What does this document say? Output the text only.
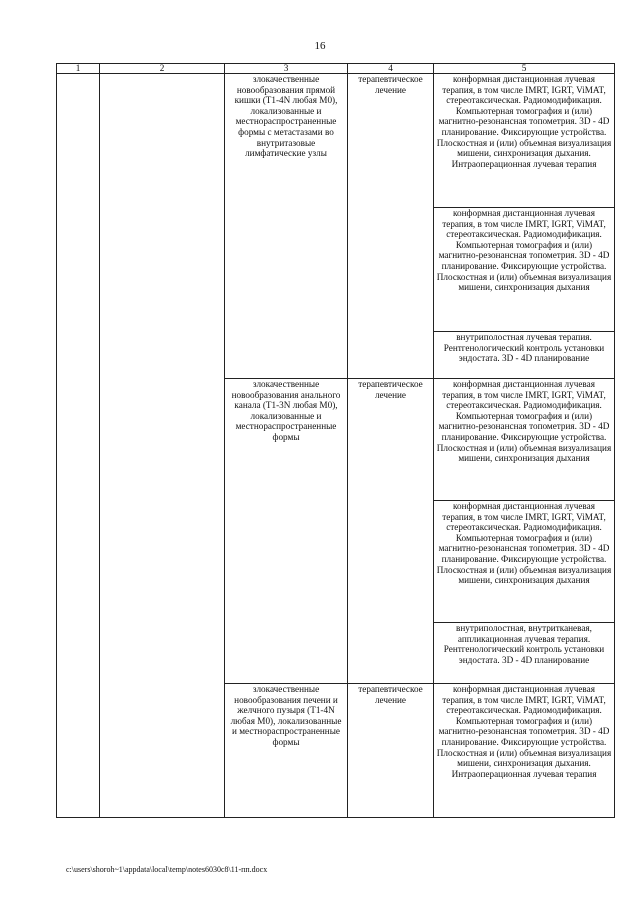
16
1	2	3	4	5
		злокачественные новообразования прямой кишки (T1-4N любая M0), локализованные и местнораспространенные формы с метастазами во внутритазовые лимфатические узлы	терапевтическое лечение	конформная дистанционная лучевая терапия, в том числе IMRT, IGRT, ViMAT, стереотаксическая. Радиомодификация. Компьютерная томография и (или) магнитно-резонансная топометрия. 3D - 4D планирование. Фиксирующие устройства. Плоскостная и (или) объемная визуализация мишени, синхронизация дыхания. Интраоперационная лучевая терапия
				конформная дистанционная лучевая терапия, в том числе IMRT, IGRT, ViMAT, стереотаксическая. Радиомодификация. Компьютерная томография и (или) магнитно-резонансная топометрия. 3D - 4D планирование. Фиксирующие устройства. Плоскостная и (или) объемная визуализация мишени, синхронизация дыхания
				внутриполостная лучевая терапия. Рентгенологический контроль установки эндостата. 3D - 4D планирование
		злокачественные новообразования анального канала (T1-3N любая M0), локализованные и местнораспространенные формы	терапевтическое лечение	конформная дистанционная лучевая терапия, в том числе IMRT, IGRT, ViMAT, стереотаксическая. Радиомодификация. Компьютерная томография и (или) магнитно-резонансная топометрия. 3D - 4D планирование. Фиксирующие устройства. Плоскостная и (или) объемная визуализация мишени, синхронизация дыхания
				конформная дистанционная лучевая терапия, в том числе IMRT, IGRT, ViMAT, стереотаксическая. Радиомодификация. Компьютерная томография и (или) магнитно-резонансная топометрия. 3D - 4D планирование. Фиксирующие устройства. Плоскостная и (или) объемная визуализация мишени, синхронизация дыхания
				внутриполостная, внутритканевая, аппликационная лучевая терапия. Рентгенологический контроль установки эндостата. 3D - 4D планирование
		злокачественные новообразования печени и желчного пузыря (T1-4N любая M0), локализованные и местнораспространенные формы	терапевтическое лечение	конформная дистанционная лучевая терапия, в том числе IMRT, IGRT, ViMAT, стереотаксическая. Радиомодификация. Компьютерная томография и (или) магнитно-резонансная топометрия. 3D - 4D планирование. Фиксирующие устройства. Плоскостная и (или) объемная визуализация мишени, синхронизация дыхания. Интраоперационная лучевая терапия
c:\users\shoroh~1\appdata\local\temp\notes6030c8\11-пп.docx
